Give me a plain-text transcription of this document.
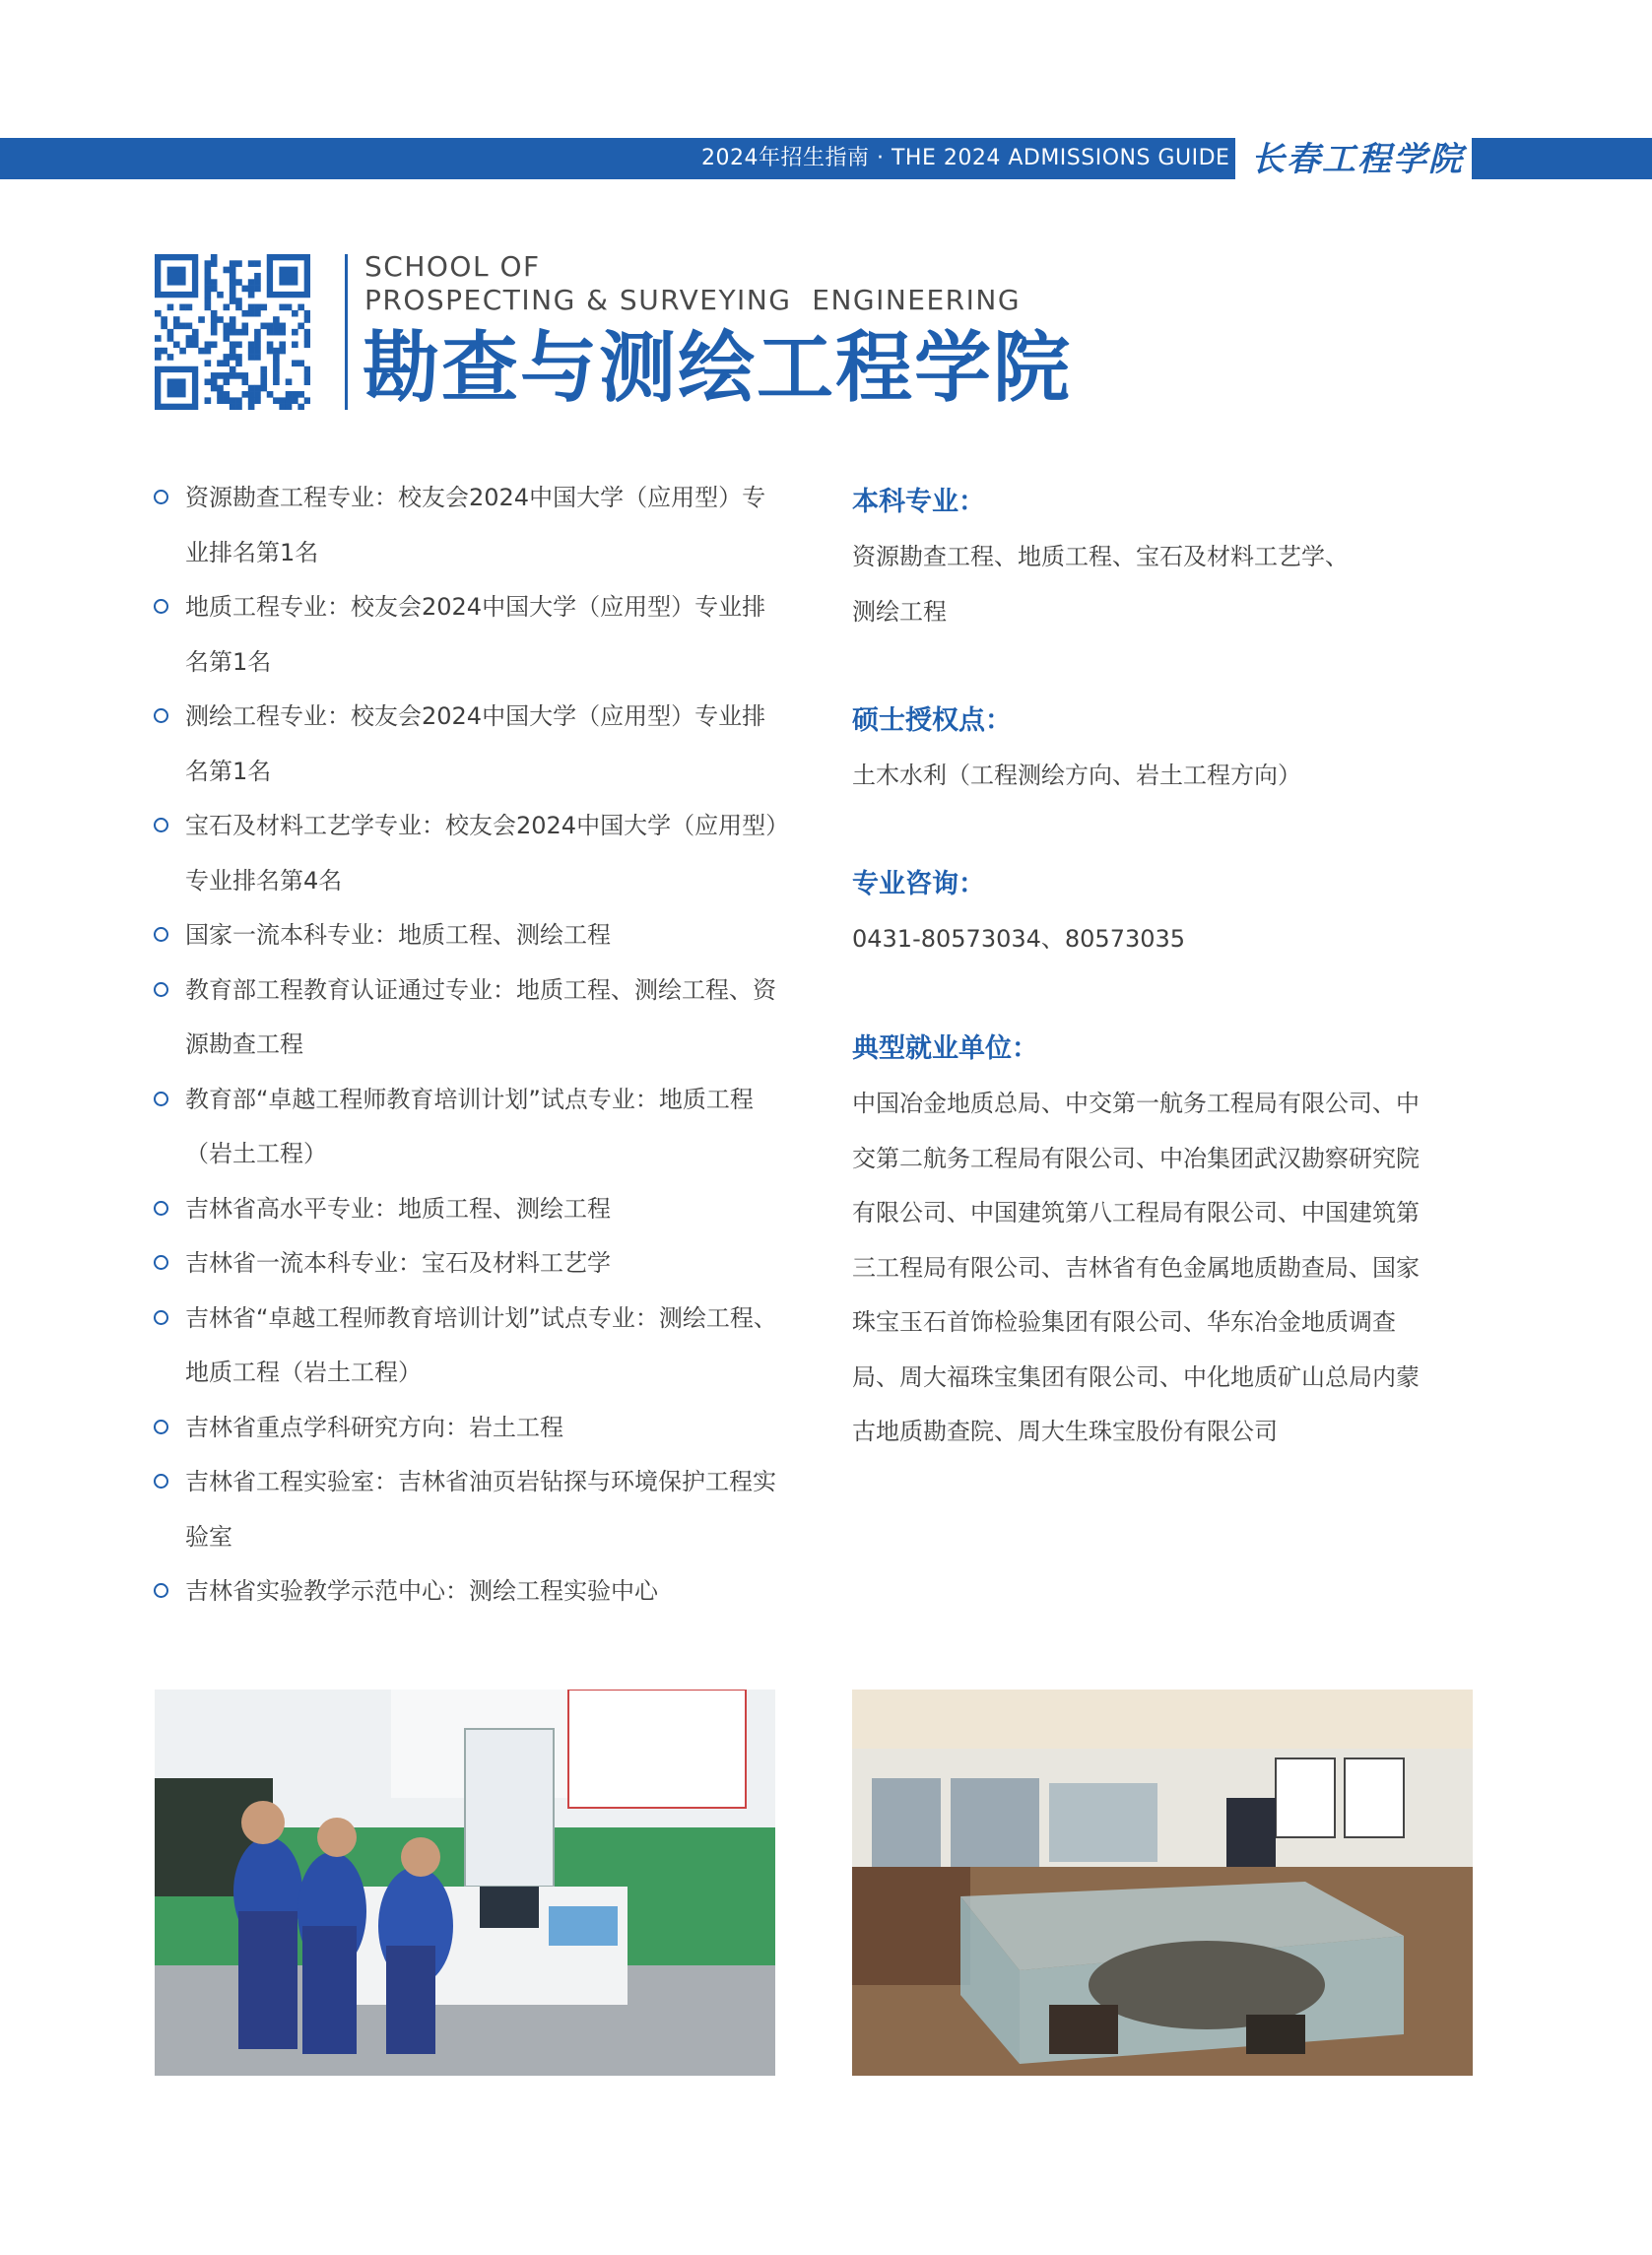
2024年招生指南 · THE 2024 ADMISSIONS GUIDE 长春工程学院
SCHOOL OF
PROSPECTING & SURVEYING  ENGINEERING
勘查与测绘工程学院
资源勘查工程专业：校友会2024中国大学（应用型）专业排名第1名
地质工程专业：校友会2024中国大学（应用型）专业排名第1名
测绘工程专业：校友会2024中国大学（应用型）专业排名第1名
宝石及材料工艺学专业：校友会2024中国大学（应用型）专业排名第4名
国家一流本科专业：地质工程、测绘工程
教育部工程教育认证通过专业：地质工程、测绘工程、资源勘查工程
教育部“卓越工程师教育培训计划”试点专业：地质工程（岩土工程）
吉林省高水平专业：地质工程、测绘工程
吉林省一流本科专业：宝石及材料工艺学
吉林省“卓越工程师教育培训计划”试点专业：测绘工程、地质工程（岩土工程）
吉林省重点学科研究方向：岩土工程
吉林省工程实验室：吉林省油页岩钻探与环境保护工程实验室
吉林省实验教学示范中心：测绘工程实验中心
本科专业：
资源勘查工程、地质工程、宝石及材料工艺学、
测绘工程
硕士授权点：
土木水利（工程测绘方向、岩土工程方向）
专业咨询：
0431-80573034、80573035
典型就业单位：
中国冶金地质总局、中交第一航务工程局有限公司、中
交第二航务工程局有限公司、中冶集团武汉勘察研究院
有限公司、中国建筑第八工程局有限公司、中国建筑第
三工程局有限公司、吉林省有色金属地质勘查局、国家
珠宝玉石首饰检验集团有限公司、华东冶金地质调查
局、周大福珠宝集团有限公司、中化地质矿山总局内蒙
古地质勘查院、周大生珠宝股份有限公司
